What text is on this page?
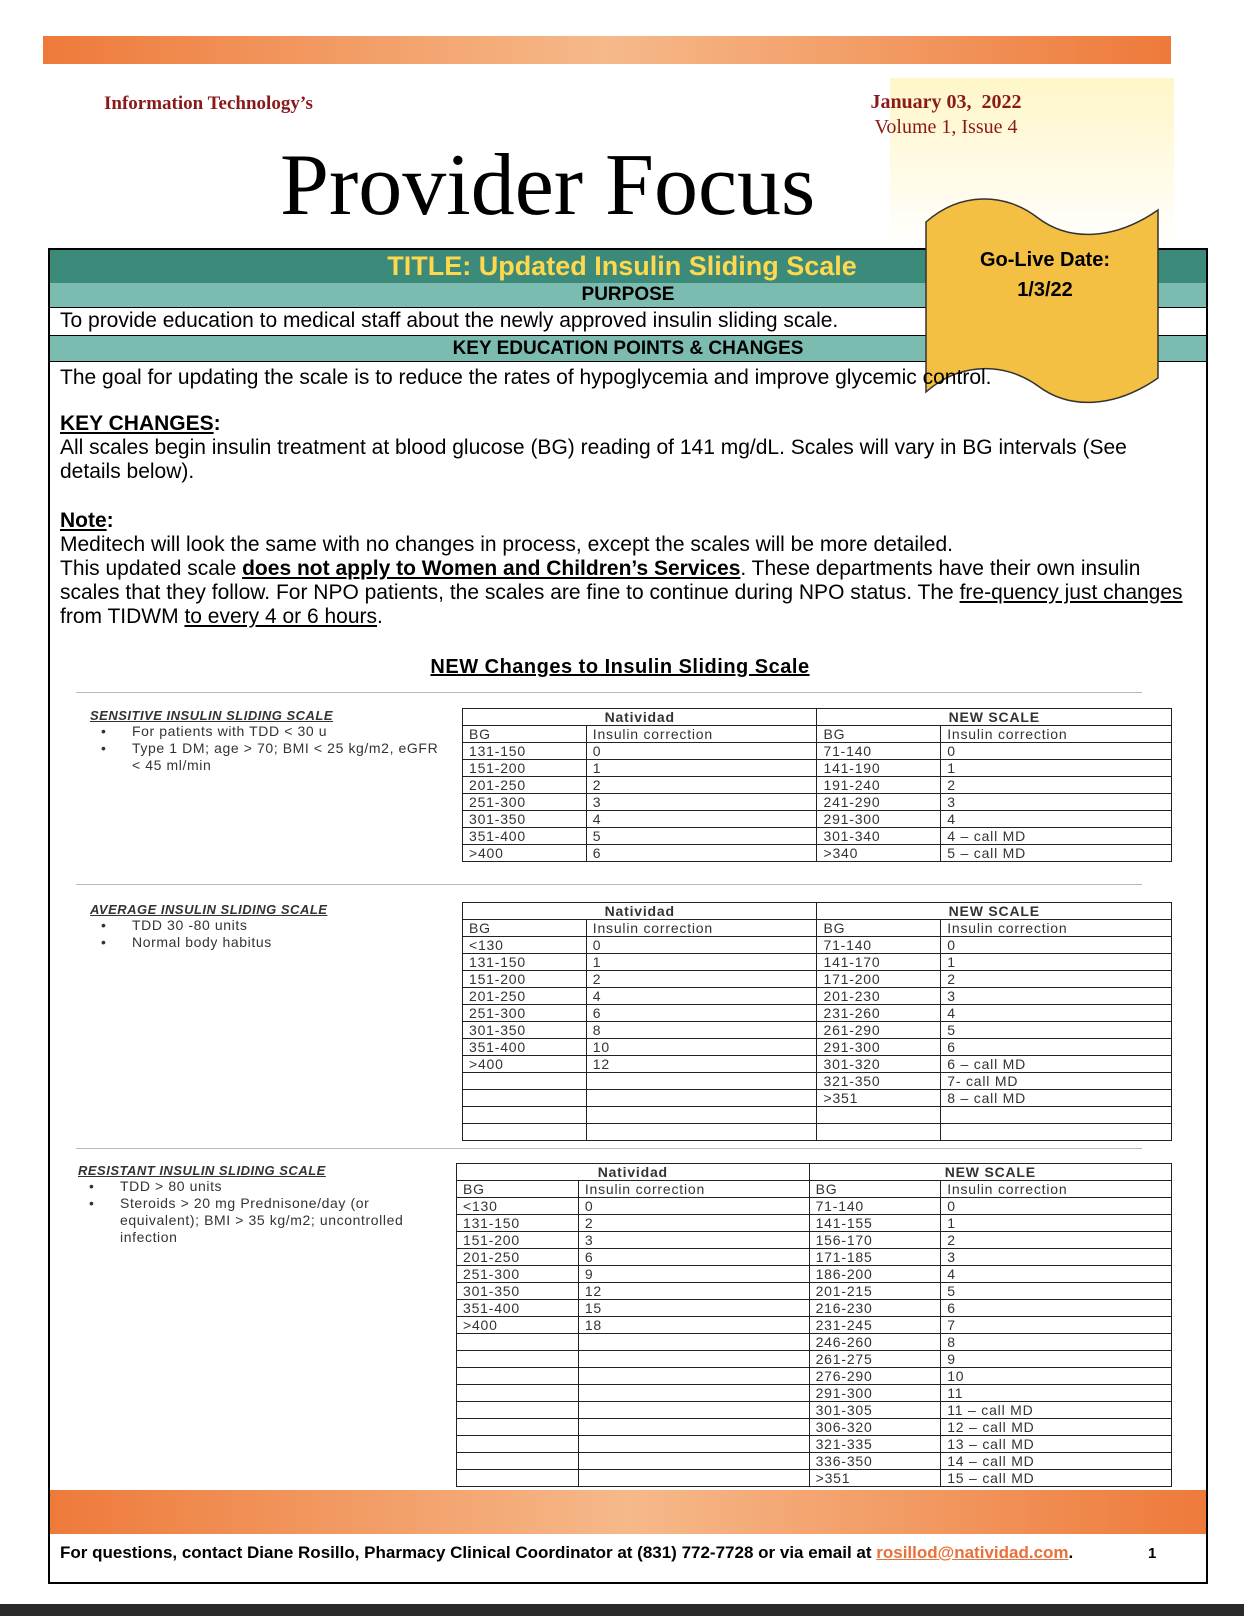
Information Technology’s	January 03,  2022
Volume 1, Issue 4
Provider Focus
TITLE: Updated Insulin Sliding Scale
PURPOSE
To provide education to medical staff about the newly approved insulin sliding scale.
KEY EDUCATION POINTS & CHANGES
Go-Live Date:
1/3/22
The goal for updating the scale is to reduce the rates of hypoglycemia and improve glycemic control.
KEY CHANGES:
All scales begin insulin treatment at blood glucose (BG) reading of 141 mg/dL. Scales will vary in BG intervals (See details below).
Note:
Meditech will look the same with no changes in process, except the scales will be more detailed.
This updated scale does not apply to Women and Children’s Services. These departments have their own insulin scales that they follow. For NPO patients, the scales are fine to continue during NPO status. The fre-quency just changes from TIDWM to every 4 or 6 hours.
NEW Changes to Insulin Sliding Scale
SENSITIVE INSULIN SLIDING SCALE
• For patients with TDD < 30 u
• Type 1 DM; age > 70; BMI < 25 kg/m2, eGFR < 45 ml/min
AVERAGE INSULIN SLIDING SCALE
• TDD 30 -80 units
• Normal body habitus
RESISTANT INSULIN SLIDING SCALE
• TDD > 80 units
• Steroids > 20 mg Prednisone/day (or equivalent); BMI > 35 kg/m2; uncontrolled infection
Natividad		NEW SCALE	
BG	Insulin correction	BG	Insulin correction
131-150	0	71-140	0
151-200	1	141-190	1
201-250	2	191-240	2
251-300	3	241-290	3
301-350	4	291-300	4
351-400	5	301-340	4 – call MD
>400	6	>340	5 – call MD
Natividad		NEW SCALE	
BG	Insulin correction	BG	Insulin correction
<130	0	71-140	0
131-150	1	141-170	1
151-200	2	171-200	2
201-250	4	201-230	3
251-300	6	231-260	4
301-350	8	261-290	5
351-400	10	291-300	6
>400	12	301-320	6 – call MD
		321-350	7- call MD
		>351	8 – call MD

Natividad		NEW SCALE	
BG	Insulin correction	BG	Insulin correction
<130	0	71-140	0
131-150	2	141-155	1
151-200	3	156-170	2
201-250	6	171-185	3
251-300	9	186-200	4
301-350	12	201-215	5
351-400	15	216-230	6
>400	18	231-245	7
		246-260	8
		261-275	9
		276-290	10
		291-300	11
		301-305	11 – call MD
		306-320	12 – call MD
		321-335	13 – call MD
		336-350	14 – call MD
		>351	15 – call MD
For questions, contact Diane Rosillo, Pharmacy Clinical Coordinator at (831) 772-7728 or via email at rosillod@natividad.com.	1
